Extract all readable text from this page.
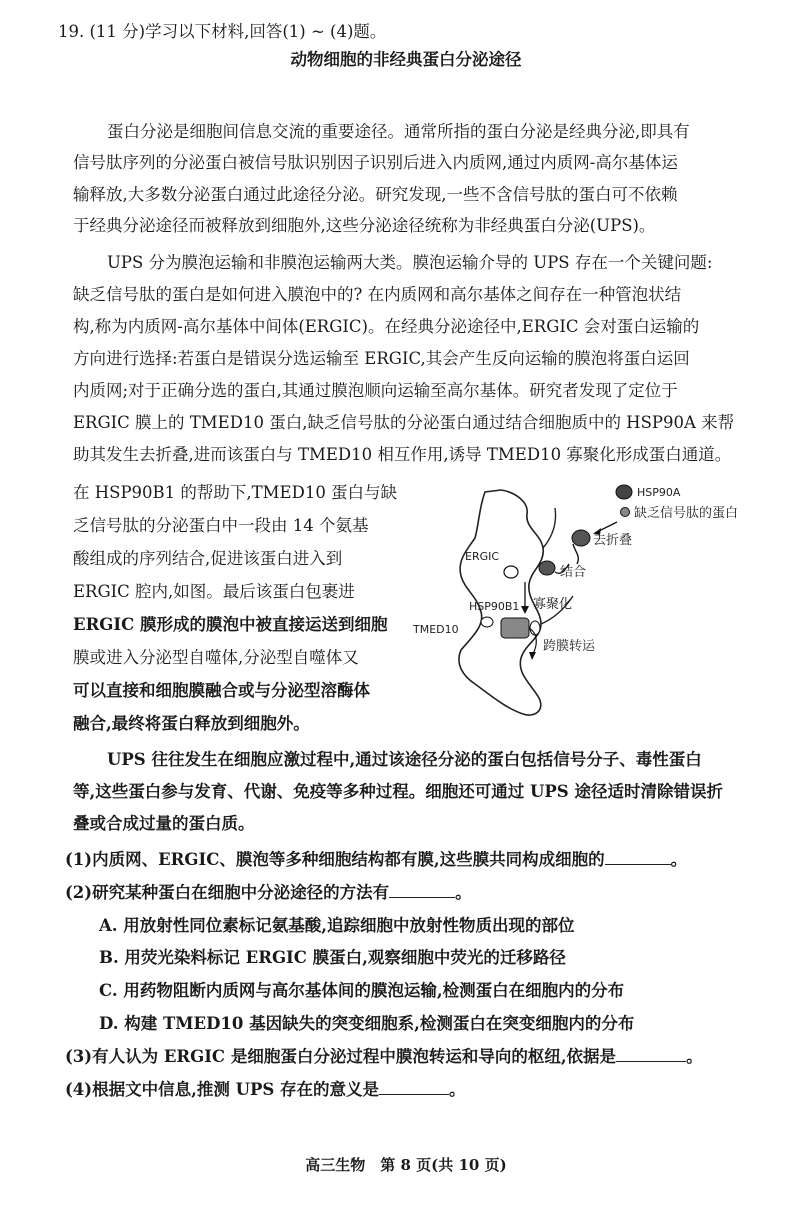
19. (11 分)学习以下材料,回答(1) ~ (4)题。
动物细胞的非经典蛋白分泌途径
蛋白分泌是细胞间信息交流的重要途径。通常所指的蛋白分泌是经典分泌,即具有
信号肽序列的分泌蛋白被信号肽识别因子识别后进入内质网,通过内质网-高尔基体运
输释放,大多数分泌蛋白通过此途径分泌。研究发现,一些不含信号肽的蛋白可不依赖
于经典分泌途径而被释放到细胞外,这些分泌途径统称为非经典蛋白分泌(UPS)。
UPS 分为膜泡运输和非膜泡运输两大类。膜泡运输介导的 UPS 存在一个关键问题:
缺乏信号肽的蛋白是如何进入膜泡中的? 在内质网和高尔基体之间存在一种管泡状结
构,称为内质网-高尔基体中间体(ERGIC)。在经典分泌途径中,ERGIC 会对蛋白运输的
方向进行选择:若蛋白是错误分选运输至 ERGIC,其会产生反向运输的膜泡将蛋白运回
内质网;对于正确分选的蛋白,其通过膜泡顺向运输至高尔基体。研究者发现了定位于
ERGIC 膜上的 TMED10 蛋白,缺乏信号肽的分泌蛋白通过结合细胞质中的 HSP90A 来帮
助其发生去折叠,进而该蛋白与 TMED10 相互作用,诱导 TMED10 寡聚化形成蛋白通道。
在 HSP90B1 的帮助下,TMED10 蛋白与缺
乏信号肽的分泌蛋白中一段由 14 个氨基
酸组成的序列结合,促进该蛋白进入到
ERGIC 腔内,如图。最后该蛋白包裹进
ERGIC 膜形成的膜泡中被直接运送到细胞
膜或进入分泌型自噬体,分泌型自噬体又
可以直接和细胞膜融合或与分泌型溶酶体
融合,最终将蛋白释放到细胞外。
HSP90A
缺乏信号肽的蛋白
去折叠
ERGIC
结合
HSP90B1 寡聚化
TMED10
跨膜转运
UPS 往往发生在细胞应激过程中,通过该途径分泌的蛋白包括信号分子、毒性蛋白
等,这些蛋白参与发育、代谢、免疫等多种过程。细胞还可通过 UPS 途径适时清除错误折
叠或合成过量的蛋白质。
(1)内质网、ERGIC、膜泡等多种细胞结构都有膜,这些膜共同构成细胞的	。
(2)研究某种蛋白在细胞中分泌途径的方法有	。
A. 用放射性同位素标记氨基酸,追踪细胞中放射性物质出现的部位
B. 用荧光染料标记 ERGIC 膜蛋白,观察细胞中荧光的迁移路径
C. 用药物阻断内质网与高尔基体间的膜泡运输,检测蛋白在细胞内的分布
D. 构建 TMED10 基因缺失的突变细胞系,检测蛋白在突变细胞内的分布
(3)有人认为 ERGIC 是细胞蛋白分泌过程中膜泡转运和导向的枢纽,依据是	。
(4)根据文中信息,推测 UPS 存在的意义是	。
高三生物　第 8 页(共 10 页)
